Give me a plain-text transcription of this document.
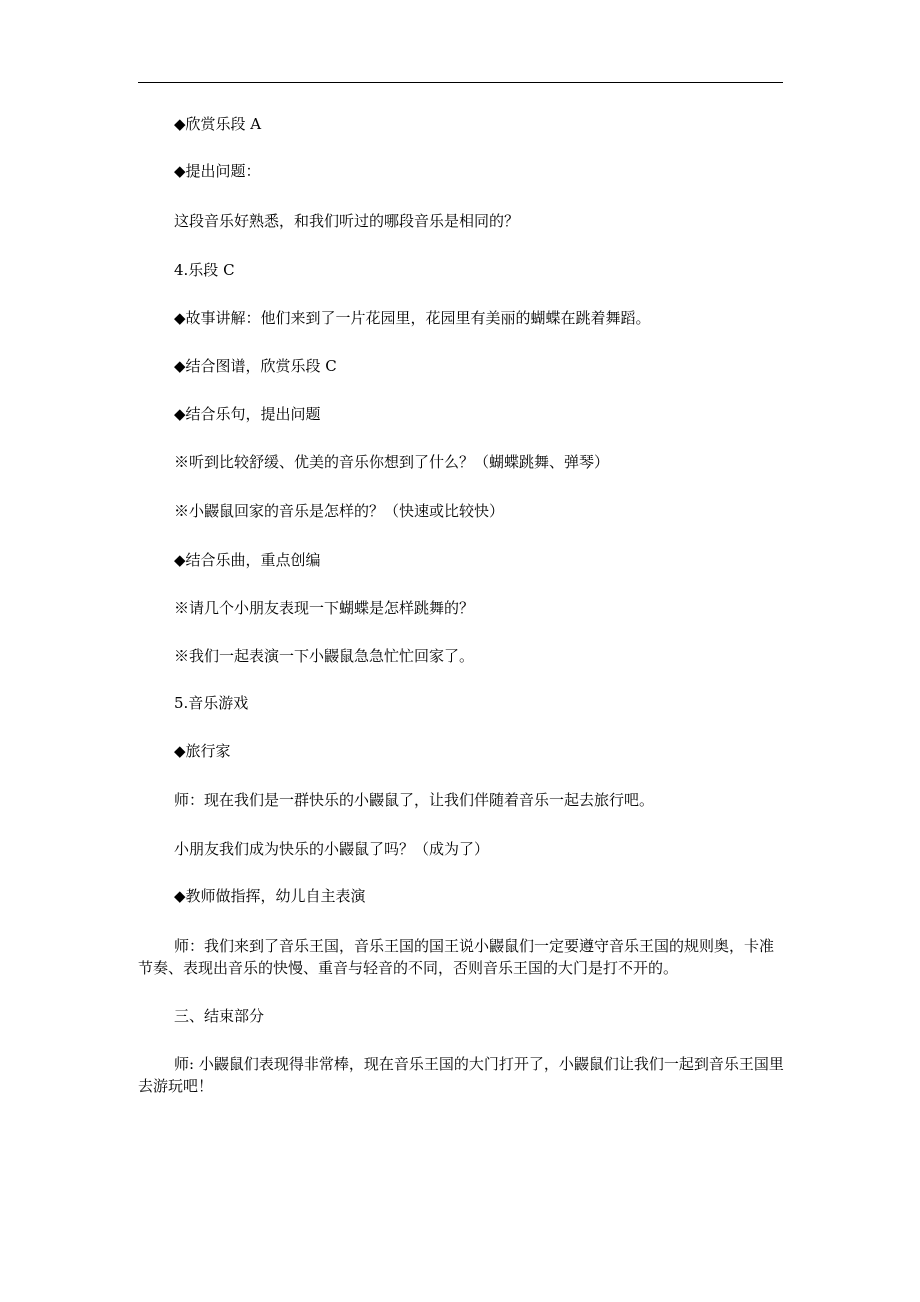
◆欣赏乐段 A
◆提出问题：
这段音乐好熟悉，和我们听过的哪段音乐是相同的？
4.乐段 C
◆故事讲解：他们来到了一片花园里，花园里有美丽的蝴蝶在跳着舞蹈。
◆结合图谱，欣赏乐段 C
◆结合乐句，提出问题
※听到比较舒缓、优美的音乐你想到了什么？（蝴蝶跳舞、弹琴）
※小鼹鼠回家的音乐是怎样的？（快速或比较快）
◆结合乐曲，重点创编
※请几个小朋友表现一下蝴蝶是怎样跳舞的？
※我们一起表演一下小鼹鼠急急忙忙回家了。
5.音乐游戏
◆旅行家
师：现在我们是一群快乐的小鼹鼠了，让我们伴随着音乐一起去旅行吧。
小朋友我们成为快乐的小鼹鼠了吗？（成为了）
◆教师做指挥，幼儿自主表演
师：我们来到了音乐王国，音乐王国的国王说小鼹鼠们一定要遵守音乐王国的规则奥，卡准节奏、表现出音乐的快慢、重音与轻音的不同，否则音乐王国的大门是打不开的。
三、结束部分
师: 小鼹鼠们表现得非常棒，现在音乐王国的大门打开了，小鼹鼠们让我们一起到音乐王国里去游玩吧！
